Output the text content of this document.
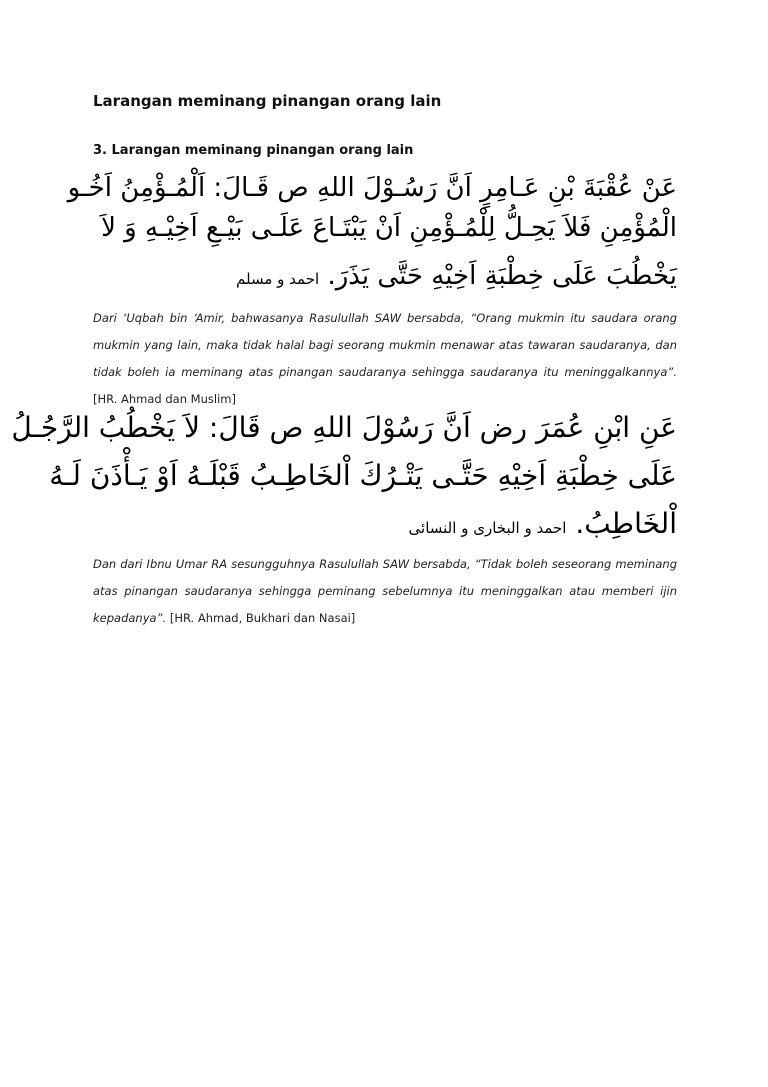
Larangan meminang pinangan orang lain
3. Larangan meminang pinangan orang lain
عَنْ عُقْبَةَ بْنِ عَـامِرٍ اَنَّ رَسُـوْلَ اللهِ ص قَـالَ: اَلْمُـؤْمِنُ اَخُـو
الْمُؤْمِنِ فَلاَ يَحِـلُّ لِلْمُـؤْمِنِ اَنْ يَبْتَـاعَ عَلَـى بَيْـعِ اَخِيْـهِ وَ لاَ
يَخْطُبَ عَلَى خِطْبَةِ اَخِيْهِ حَتَّى يَذَرَ. احمد و مسلم
Dari ‘Uqbah bin ‘Amir, bahwasanya Rasulullah SAW bersabda, “Orang mukmin itu saudara orang mukmin yang lain, maka tidak halal bagi seorang mukmin menawar atas tawaran saudaranya, dan tidak boleh ia meminang atas pinangan saudaranya sehingga saudaranya itu meninggalkannya”. [HR. Ahmad dan Muslim]
عَنِ ابْنِ عُمَرَ رض اَنَّ رَسُوْلَ اللهِ ص قَالَ: لاَ يَخْطُبُ الرَّجُـلُ
عَلَى خِطْبَةِ اَخِيْهِ حَتَّـى يَتْـرُكَ اْلخَاطِـبُ قَبْلَـهُ اَوْ يَـأْذَنَ لَـهُ
اْلخَاطِبُ. احمد و البخارى و النسائى
Dan dari Ibnu Umar RA sesungguhnya Rasulullah SAW bersabda, “Tidak boleh seseorang meminang atas pinangan saudaranya sehingga peminang sebelumnya itu meninggalkan atau memberi ijin kepadanya”. [HR. Ahmad, Bukhari dan Nasai]
